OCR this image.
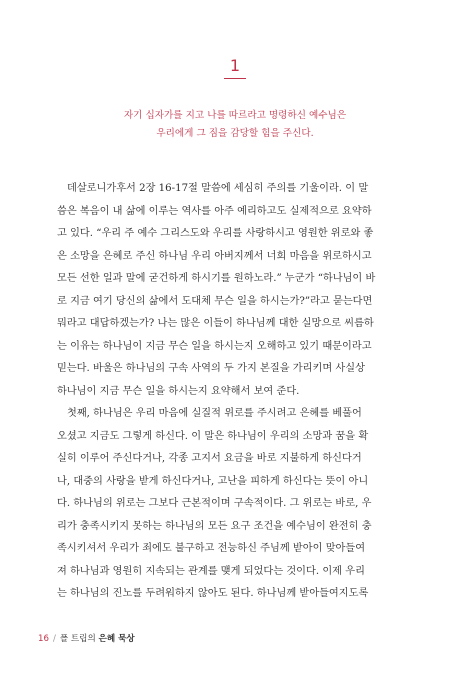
1
자기 십자가를 지고 나를 따르라고 명령하신 예수님은
우리에게 그 짐을 감당할 힘을 주신다.
데살로니가후서 2장 16-17절 말씀에 세심히 주의를 기울이라. 이 말
씀은 복음이 내 삶에 이루는 역사를 아주 예리하고도 실제적으로 요약하
고 있다. “우리 주 예수 그리스도와 우리를 사랑하시고 영원한 위로와 좋
은 소망을 은혜로 주신 하나님 우리 아버지께서 너희 마음을 위로하시고
모든 선한 일과 말에 굳건하게 하시기를 원하노라.” 누군가 “하나님이 바
로 지금 여기 당신의 삶에서 도대체 무슨 일을 하시는가?”라고 묻는다면
뭐라고 대답하겠는가? 나는 많은 이들이 하나님께 대한 실망으로 씨름하
는 이유는 하나님이 지금 무슨 일을 하시는지 오해하고 있기 때문이라고
믿는다. 바울은 하나님의 구속 사역의 두 가지 본질을 가리키며 사실상
하나님이 지금 무슨 일을 하시는지 요약해서 보여 준다.
첫째, 하나님은 우리 마음에 실질적 위로를 주시려고 은혜를 베풀어
오셨고 지금도 그렇게 하신다. 이 말은 하나님이 우리의 소망과 꿈을 확
실히 이루어 주신다거나, 각종 고지서 요금을 바로 지불하게 하신다거
나, 대중의 사랑을 받게 하신다거나, 고난을 피하게 하신다는 뜻이 아니
다. 하나님의 위로는 그보다 근본적이며 구속적이다. 그 위로는 바로, 우
리가 충족시키지 못하는 하나님의 모든 요구 조건을 예수님이 완전히 충
족시키셔서 우리가 죄에도 불구하고 전능하신 주님께 받아이 맞아들여
져 하나님과 영원히 지속되는 관계를 맺게 되었다는 것이다. 이제 우리
는 하나님의 진노를 두려워하지 않아도 된다. 하나님께 받아들여지도록
16 / 폴 트립의 은혜 묵상
